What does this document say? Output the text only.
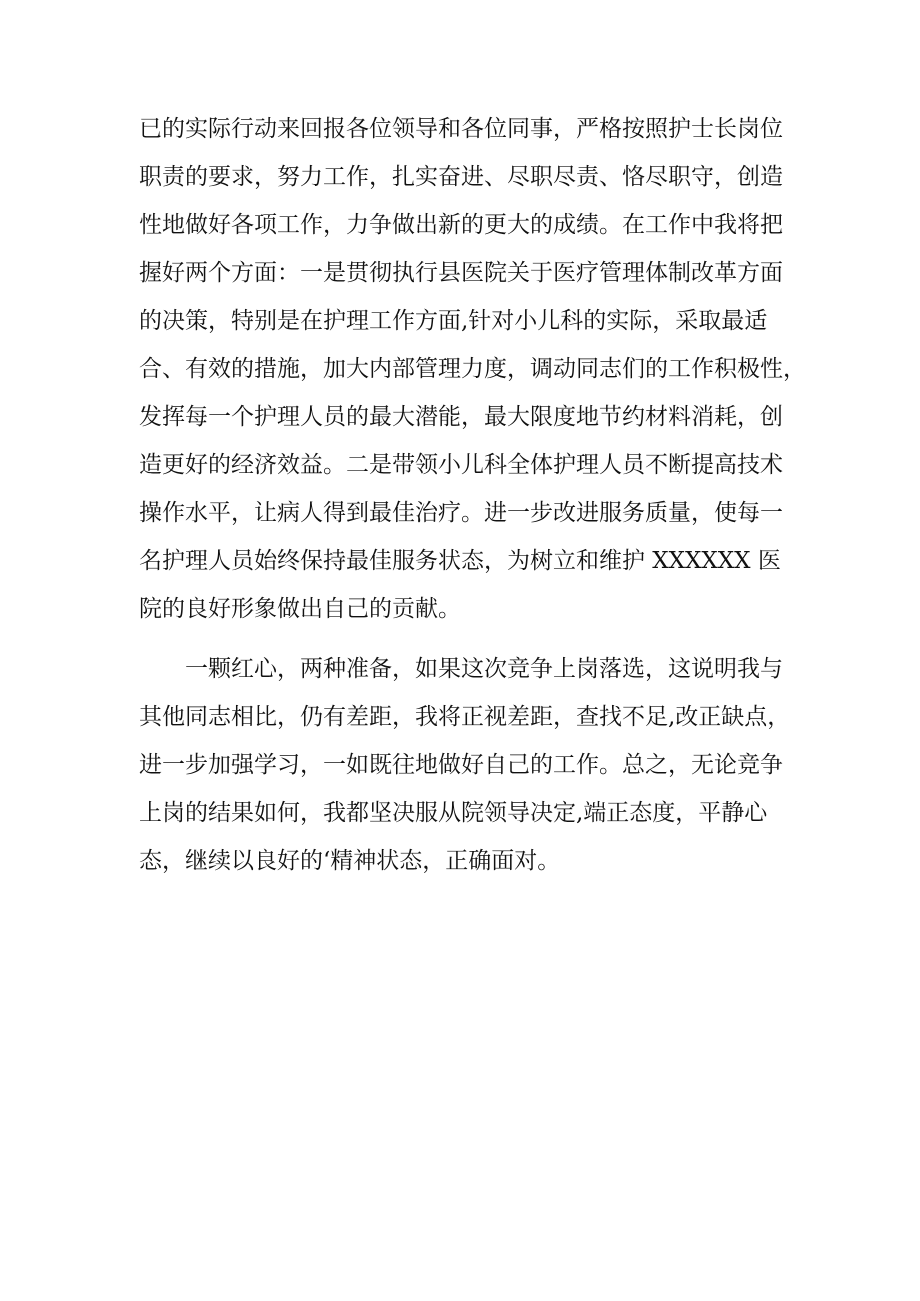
已的实际行动来回报各位领导和各位同事，严格按照护士长岗位
职责的要求，努力工作，扎实奋进、尽职尽责、恪尽职守，创造
性地做好各项工作，力争做出新的更大的成绩。在工作中我将把
握好两个方面：一是贯彻执行县医院关于医疗管理体制改革方面
的决策，特别是在护理工作方面,针对小儿科的实际，采取最适
合、有效的措施，加大内部管理力度，调动同志们的工作积极性，
发挥每一个护理人员的最大潜能，最大限度地节约材料消耗，创
造更好的经济效益。二是带领小儿科全体护理人员不断提高技术
操作水平，让病人得到最佳治疗。进一步改进服务质量，使每一
名护理人员始终保持最佳服务状态，为树立和维护 XXXXXX 医
院的良好形象做出自己的贡献。
一颗红心，两种准备，如果这次竞争上岗落选，这说明我与
其他同志相比，仍有差距，我将正视差距，查找不足,改正缺点，
进一步加强学习，一如既往地做好自己的工作。总之，无论竞争
上岗的结果如何，我都坚决服从院领导决定,端正态度，平静心
态，继续以良好的‘精神状态，正确面对。
